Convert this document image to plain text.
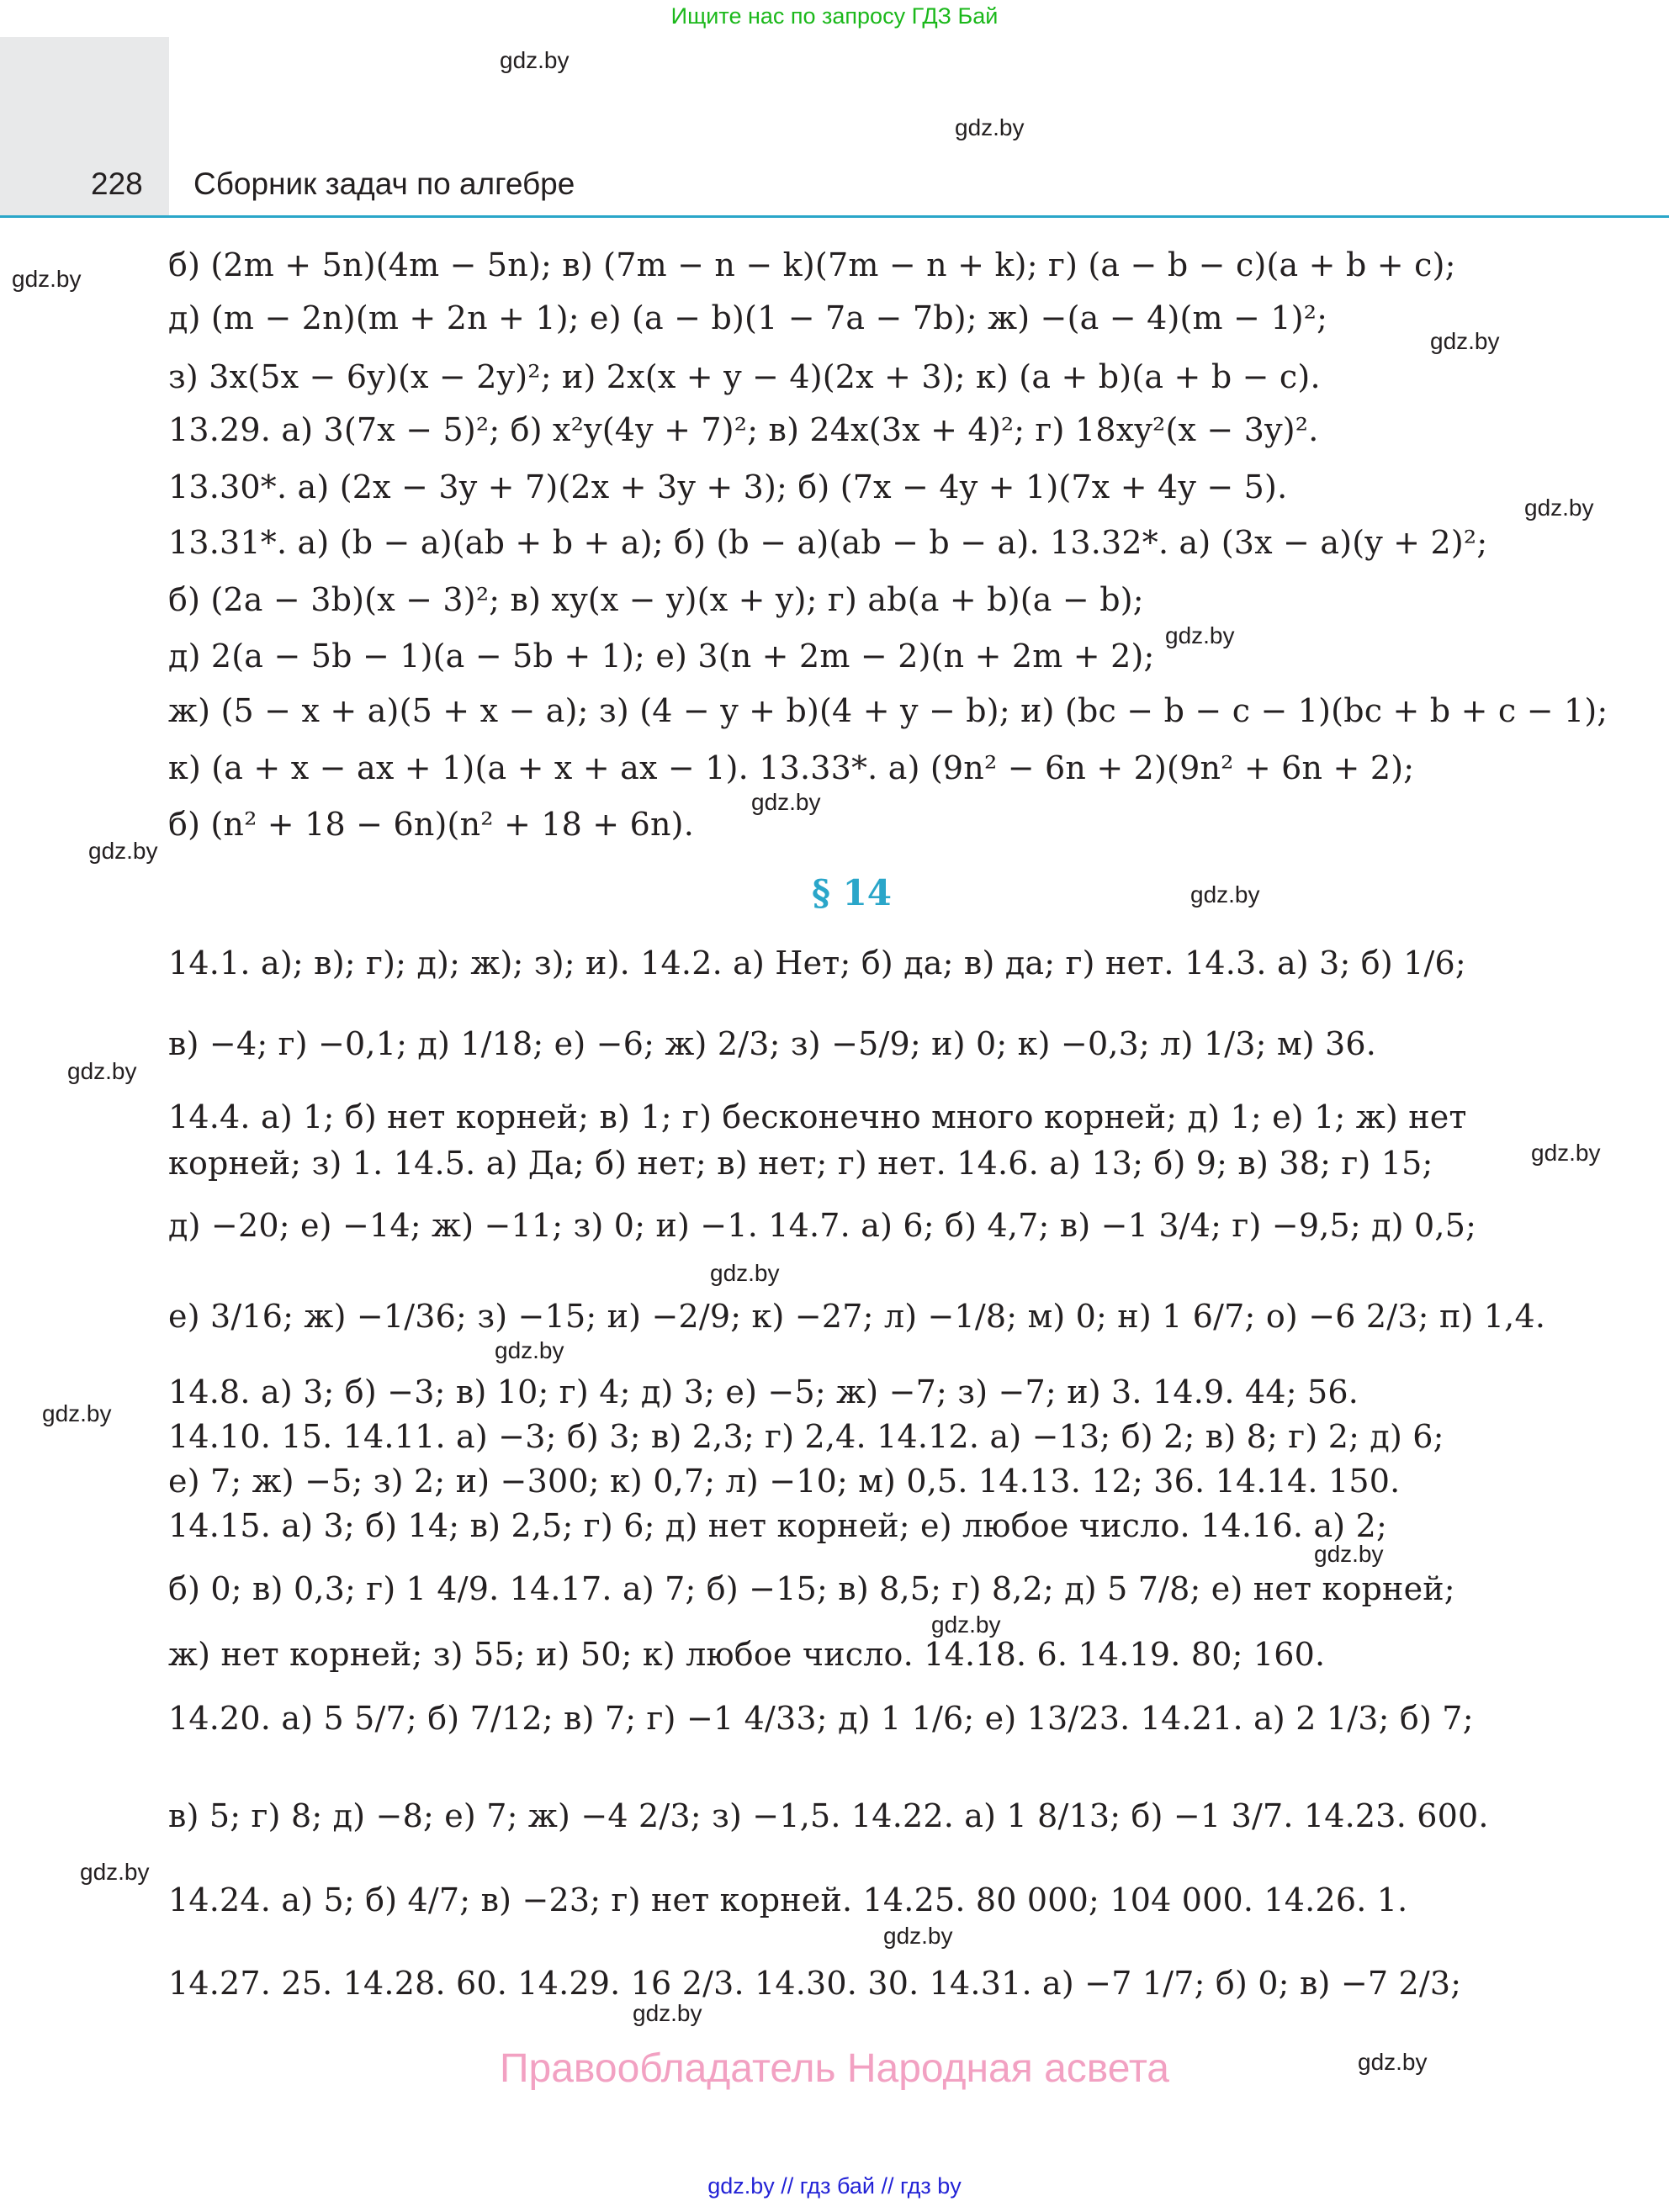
Ищите нас по запросу ГДЗ Бай
228 Сборник задач по алгебре
б) (2m + 5n)(4m − 5n); в) (7m − n − k)(7m − n + k); г) (a − b − c)(a + b + c);
д) (m − 2n)(m + 2n + 1); е) (a − b)(1 − 7a − 7b); ж) −(a − 4)(m − 1)²;
з) 3x(5x − 6y)(x − 2y)²; и) 2x(x + y − 4)(2x + 3); к) (a + b)(a + b − c).
13.29. а) 3(7x − 5)²; б) x²y(4y + 7)²; в) 24x(3x + 4)²; г) 18xy²(x − 3y)².
13.30*. а) (2x − 3y + 7)(2x + 3y + 3); б) (7x − 4y + 1)(7x + 4y − 5).
13.31*. а) (b − a)(ab + b + a); б) (b − a)(ab − b − a). 13.32*. а) (3x − a)(y + 2)²;
б) (2a − 3b)(x − 3)²; в) xy(x − y)(x + y); г) ab(a + b)(a − b);
д) 2(a − 5b − 1)(a − 5b + 1); е) 3(n + 2m − 2)(n + 2m + 2);
ж) (5 − x + a)(5 + x − a); з) (4 − y + b)(4 + y − b); и) (bc − b − c − 1)(bc + b + c − 1);
к) (a + x − ax + 1)(a + x + ax − 1). 13.33*. а) (9n² − 6n + 2)(9n² + 6n + 2);
б) (n² + 18 − 6n)(n² + 18 + 6n).
§ 14
14.1. а); в); г); д); ж); з); и). 14.2. а) Нет; б) да; в) да; г) нет. 14.3. а) 3; б) 1/6;
в) −4; г) −0,1; д) 1/18; е) −6; ж) 2/3; з) −5/9; и) 0; к) −0,3; л) 1/3; м) 36.
14.4. а) 1; б) нет корней; в) 1; г) бесконечно много корней; д) 1; е) 1; ж) нет
корней; з) 1. 14.5. а) Да; б) нет; в) нет; г) нет. 14.6. а) 13; б) 9; в) 38; г) 15;
д) −20; е) −14; ж) −11; з) 0; и) −1. 14.7. а) 6; б) 4,7; в) −1 3/4; г) −9,5; д) 0,5;
е) 3/16; ж) −1/36; з) −15; и) −2/9; к) −27; л) −1/8; м) 0; н) 1 6/7; о) −6 2/3; п) 1,4.
14.8. а) 3; б) −3; в) 10; г) 4; д) 3; е) −5; ж) −7; з) −7; и) 3. 14.9. 44; 56.
14.10. 15. 14.11. а) −3; б) 3; в) 2,3; г) 2,4. 14.12. а) −13; б) 2; в) 8; г) 2; д) 6;
е) 7; ж) −5; з) 2; и) −300; к) 0,7; л) −10; м) 0,5. 14.13. 12; 36. 14.14. 150.
14.15. а) 3; б) 14; в) 2,5; г) 6; д) нет корней; е) любое число. 14.16. а) 2;
б) 0; в) 0,3; г) 1 4/9. 14.17. а) 7; б) −15; в) 8,5; г) 8,2; д) 5 7/8; е) нет корней;
ж) нет корней; з) 55; и) 50; к) любое число. 14.18. 6. 14.19. 80; 160.
14.20. а) 5 5/7; б) 7/12; в) 7; г) −1 4/33; д) 1 1/6; е) 13/23. 14.21. а) 2 1/3; б) 7;
в) 5; г) 8; д) −8; е) 7; ж) −4 2/3; з) −1,5. 14.22. а) 1 8/13; б) −1 3/7. 14.23. 600.
14.24. а) 5; б) 4/7; в) −23; г) нет корней. 14.25. 80 000; 104 000. 14.26. 1.
14.27. 25. 14.28. 60. 14.29. 16 2/3. 14.30. 30. 14.31. а) −7 1/7; б) 0; в) −7 2/3;
gdz.by
gdz.by
gdz.by
gdz.by
gdz.by
gdz.by
gdz.by
gdz.by
gdz.by
gdz.by
gdz.by
gdz.by
gdz.by
gdz.by
gdz.by
gdz.by
gdz.by
gdz.by
gdz.by
gdz.by
Правообладатель Народная асвета
gdz.by // гдз бай // гдз by
